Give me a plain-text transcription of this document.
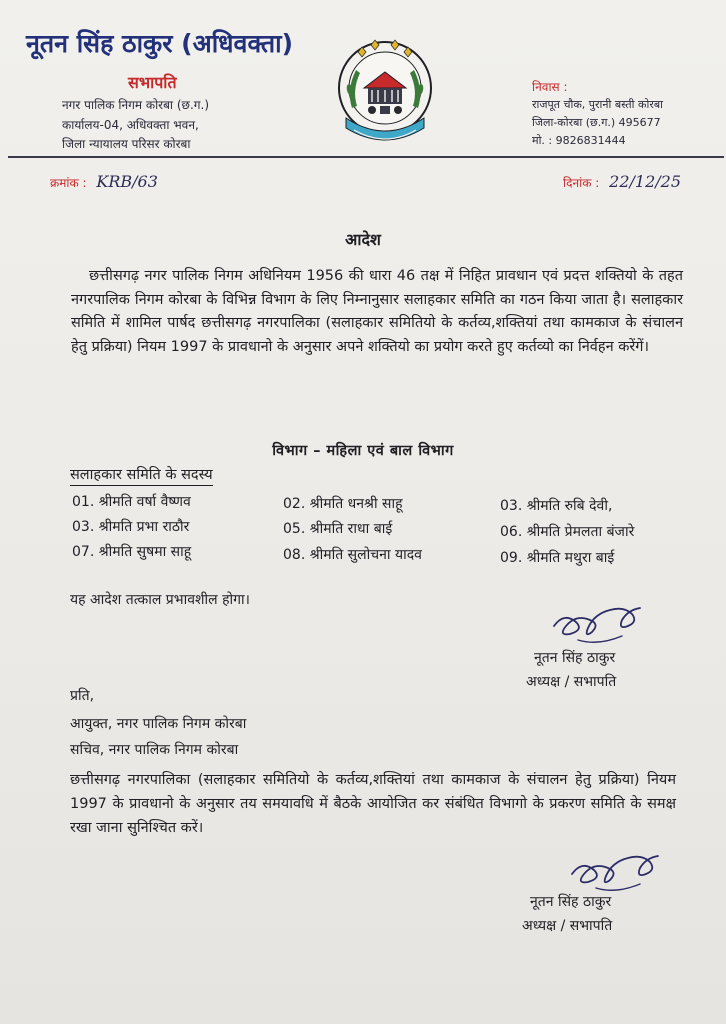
नूतन सिंह ठाकुर (अधिवक्ता)
सभापति
नगर पालिक निगम कोरबा (छ.ग.)
कार्यालय-04, अधिवक्ता भवन,
जिला न्यायालय परिसर कोरबा
निवास :
राजपूत चौक, पुरानी बस्ती कोरबा
जिला-कोरबा (छ.ग.) 495677
मो. : 9826831444
क्रमांक : KRB/63	दिनांक : 22/12/25
आदेश
छत्तीसगढ़ नगर पालिक निगम अधिनियम 1956 की धारा 46 तक्ष में निहित प्रावधान एवं प्रदत्त शक्तियो के तहत नगरपालिक निगम कोरबा के विभिन्न विभाग के लिए निम्नानुसार सलाहकार समिति का गठन किया जाता है। सलाहकार समिति में शामिल पार्षद छत्तीसगढ़ नगरपालिका (सलाहकार समितियो के कर्तव्य,शक्तियां तथा कामकाज के संचालन हेतु प्रक्रिया) नियम 1997 के प्रावधानो के अनुसार अपने शक्तियो का प्रयोग करते हुए कर्तव्यो का निर्वहन करेंगें।
विभाग – महिला एवं बाल विभाग
सलाहकार समिति के सदस्य
01. श्रीमति वर्षा वैष्णव	02. श्रीमति धनश्री साहू	03. श्रीमति रुबि देवी,
03. श्रीमति प्रभा राठौर	05. श्रीमति राधा बाई	06. श्रीमति प्रेमलता बंजारे
07. श्रीमति सुषमा साहू	08. श्रीमति सुलोचना यादव	09. श्रीमति मथुरा बाई
यह आदेश तत्काल प्रभावशील होगा।
नूतन सिंह ठाकुर
अध्यक्ष / सभापति
प्रति,
आयुक्त, नगर पालिक निगम कोरबा
सचिव, नगर पालिक निगम कोरबा
छत्तीसगढ़ नगरपालिका (सलाहकार समितियो के कर्तव्य,शक्तियां तथा कामकाज के संचालन हेतु प्रक्रिया) नियम 1997 के प्रावधानो के अनुसार तय समयावधि में बैठके आयोजित कर संबंधित विभागो के प्रकरण समिति के समक्ष रखा जाना सुनिश्चित करें।
नूतन सिंह ठाकुर
अध्यक्ष / सभापति
